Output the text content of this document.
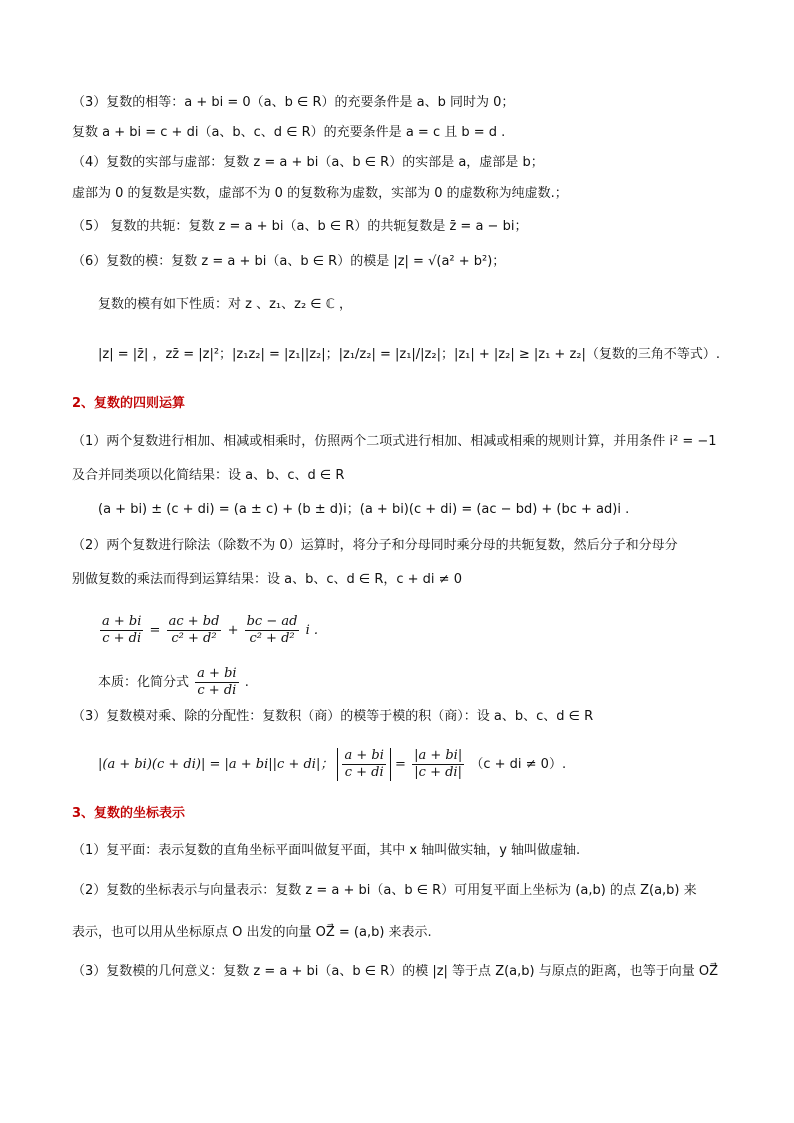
（3）复数的相等：a + bi = 0（a、b ∈ R）的充要条件是 a、b 同时为 0；
复数 a + bi = c + di（a、b、c、d ∈ R）的充要条件是 a = c 且 b = d .
（4）复数的实部与虚部：复数 z = a + bi（a、b ∈ R）的实部是 a，虚部是 b；
虚部为 0 的复数是实数，虚部不为 0 的复数称为虚数，实部为 0 的虚数称为纯虚数.；
（5） 复数的共轭：复数 z = a + bi（a、b ∈ R）的共轭复数是 z̄ = a − bi；
（6）复数的模：复数 z = a + bi（a、b ∈ R）的模是 |z| = √(a² + b²)；
复数的模有如下性质：对 z 、z₁、z₂ ∈ ℂ ，
|z| = |z̄| ，zz̄ = |z|²；|z₁z₂| = |z₁||z₂|；|z₁/z₂| = |z₁|/|z₂|；|z₁| + |z₂| ≥ |z₁ + z₂|（复数的三角不等式）.
2、复数的四则运算
（1）两个复数进行相加、相减或相乘时，仿照两个二项式进行相加、相减或相乘的规则计算，并用条件 i² = −1
及合并同类项以化简结果：设 a、b、c、d ∈ R
(a + bi) ± (c + di) = (a ± c) + (b ± d)i；(a + bi)(c + di) = (ac − bd) + (bc + ad)i .
（2）两个复数进行除法（除数不为 0）运算时，将分子和分母同时乘分母的共轭复数，然后分子和分母分
别做复数的乘法而得到运算结果：设 a、b、c、d ∈ R，c + di ≠ 0
$\frac{a + bi}{c + di} = \frac{ac + bd}{\text{c² + d²}} + \frac{bc - ad}{\text{c² + d²}}$ i .
本质：化简分式 $\frac{a + bi}{c + di}$ .
（3）复数模对乘、除的分配性：复数积（商）的模等于模的积（商）：设 a、b、c、d ∈ R
|(a + bi)(c + di)| = |a + bi||c + di|； $\frac{a + bi}{c + di} = \frac{|a + bi|}{|c + di|} (c$ + di ≠ 0）.
3、复数的坐标表示
（1）复平面：表示复数的直角坐标平面叫做复平面，其中 x 轴叫做实轴，y 轴叫做虚轴.
（2）复数的坐标表示与向量表示：复数 z = a + bi（a、b ∈ R）可用复平面上坐标为 (a,b) 的点 Z(a,b) 来
表示，也可以用从坐标原点 O 出发的向量 OZ⃗ = (a,b) 来表示.
（3）复数模的几何意义：复数 z = a + bi（a、b ∈ R）的模 |z| 等于点 Z(a,b) 与原点的距离，也等于向量 OZ⃗
